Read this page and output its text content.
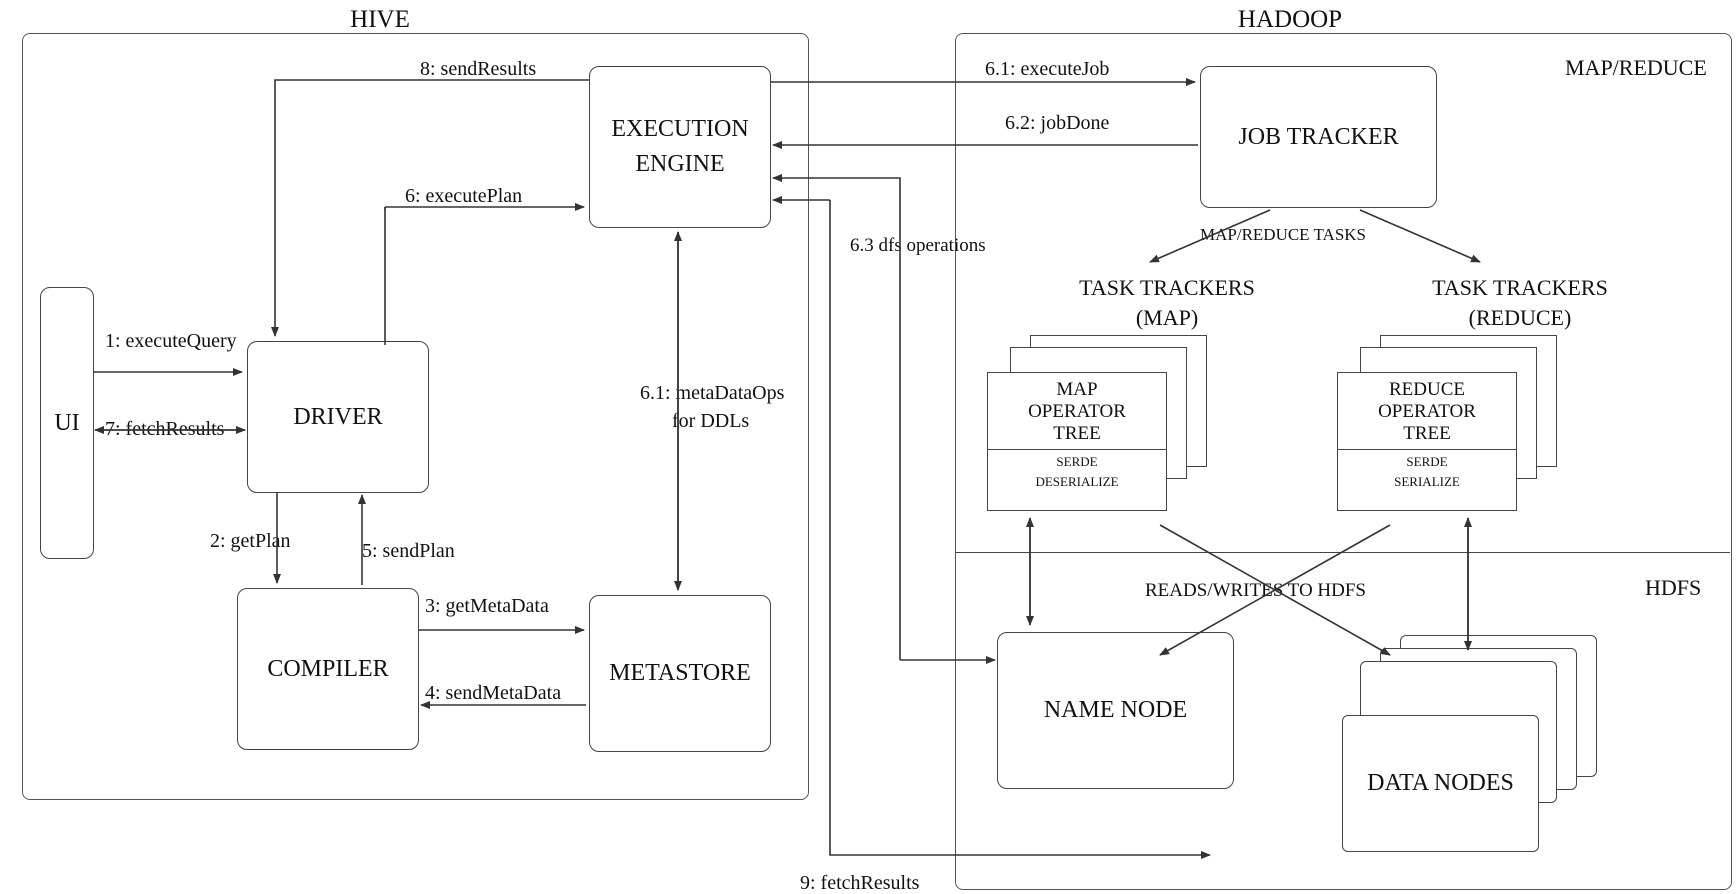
HIVE	HADOOP
MAP/REDUCE
HDFS
UI	DRIVER
COMPILER	METASTORE
EXECUTION
ENGINE
JOB TRACKER
MAP/REDUCE TASKS
TASK TRACKERS
(MAP)
TASK TRACKERS
(REDUCE)
MAP
OPERATOR
TREE
SERDE
DESERIALIZE
REDUCE
OPERATOR
TREE
SERDE
SERIALIZE
NAME NODE
DATA NODES
8: sendResults
6: executePlan
1: executeQuery
7: fetchResults
2: getPlan	5: sendPlan
3: getMetaData
4: sendMetaData
6.1: metaDataOps
for DDLs
6.1: executeJob
6.2: jobDone
6.3 dfs operations
READS/WRITES TO HDFS
9: fetchResults
